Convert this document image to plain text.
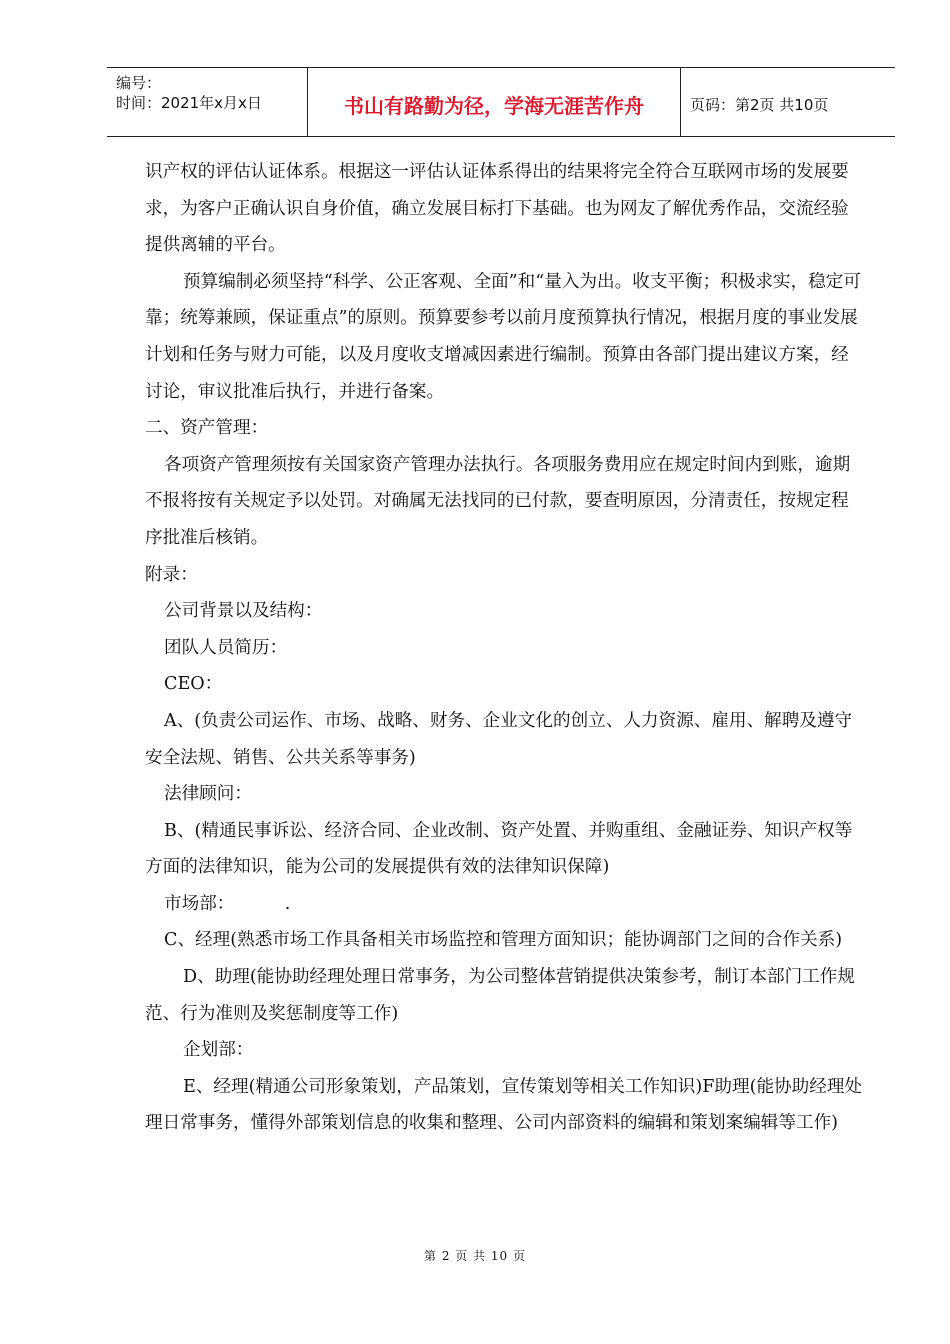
编号：
时间：2021年x月x日	书山有路勤为径，学海无涯苦作舟	页码：第2页 共10页

识产权的评估认证体系。根据这一评估认证体系得出的结果将完全符合互联网市场的发展要求，为客户正确认识自身价值，确立发展目标打下基础。也为网友了解优秀作品，交流经验提供离辅的平台。

预算编制必须坚持“科学、公正客观、全面”和“量入为出。收支平衡；积极求实，稳定可靠；统筹兼顾，保证重点”的原则。预算要参考以前月度预算执行情况，根据月度的事业发展计划和任务与财力可能，以及月度收支增减因素进行编制。预算由各部门提出建议方案，经讨论，审议批准后执行，并进行备案。

二、资产管理：

各项资产管理须按有关国家资产管理办法执行。各项服务费用应在规定时间内到账，逾期不报将按有关规定予以处罚。对确属无法找同的已付款，要查明原因，分清责任，按规定程序批准后核销。

附录：

公司背景以及结构：

团队人员简历：

CEO：

A、(负责公司运作、市场、战略、财务、企业文化的创立、人力资源、雇用、解聘及遵守安全法规、销售、公共关系等事务)

法律顾问：

B、(精通民事诉讼、经济合同、企业改制、资产处置、并购重组、金融证券、知识产权等方面的法律知识，能为公司的发展提供有效的法律知识保障)

市场部：         .

C、经理(熟悉市场工作具备相关市场监控和管理方面知识；能协调部门之间的合作关系)

D、助理(能协助经理处理日常事务，为公司整体营销提供决策参考，制订本部门工作规范、行为准则及奖惩制度等工作)

企划部：

E、经理(精通公司形象策划，产品策划，宣传策划等相关工作知识)F助理(能协助经理处理日常事务，懂得外部策划信息的收集和整理、公司内部资料的编辑和策划案编辑等工作)

第 2 页 共 10 页
